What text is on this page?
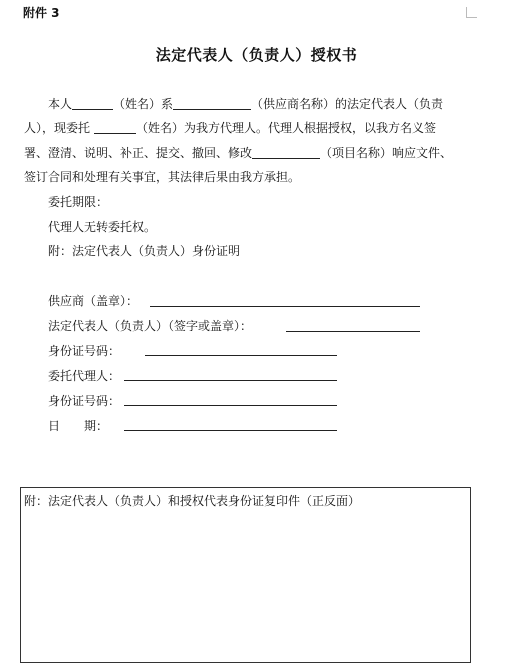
附件 3
法定代表人（负责人）授权书
本人	（姓名）系	（供应商名称）的法定代表人（负责
人），现委托	（姓名）为我方代理人。代理人根据授权，以我方名义签
署、澄清、说明、补正、提交、撤回、修改	（项目名称）响应文件、
签订合同和处理有关事宜，其法律后果由我方承担。
委托期限：
代理人无转委托权。
附：法定代表人（负责人）身份证明
供应商（盖章）：
法定代表人（负责人）（签字或盖章）：
身份证号码：
委托代理人：
身份证号码：
日　　期：
附：法定代表人（负责人）和授权代表身份证复印件（正反面）
